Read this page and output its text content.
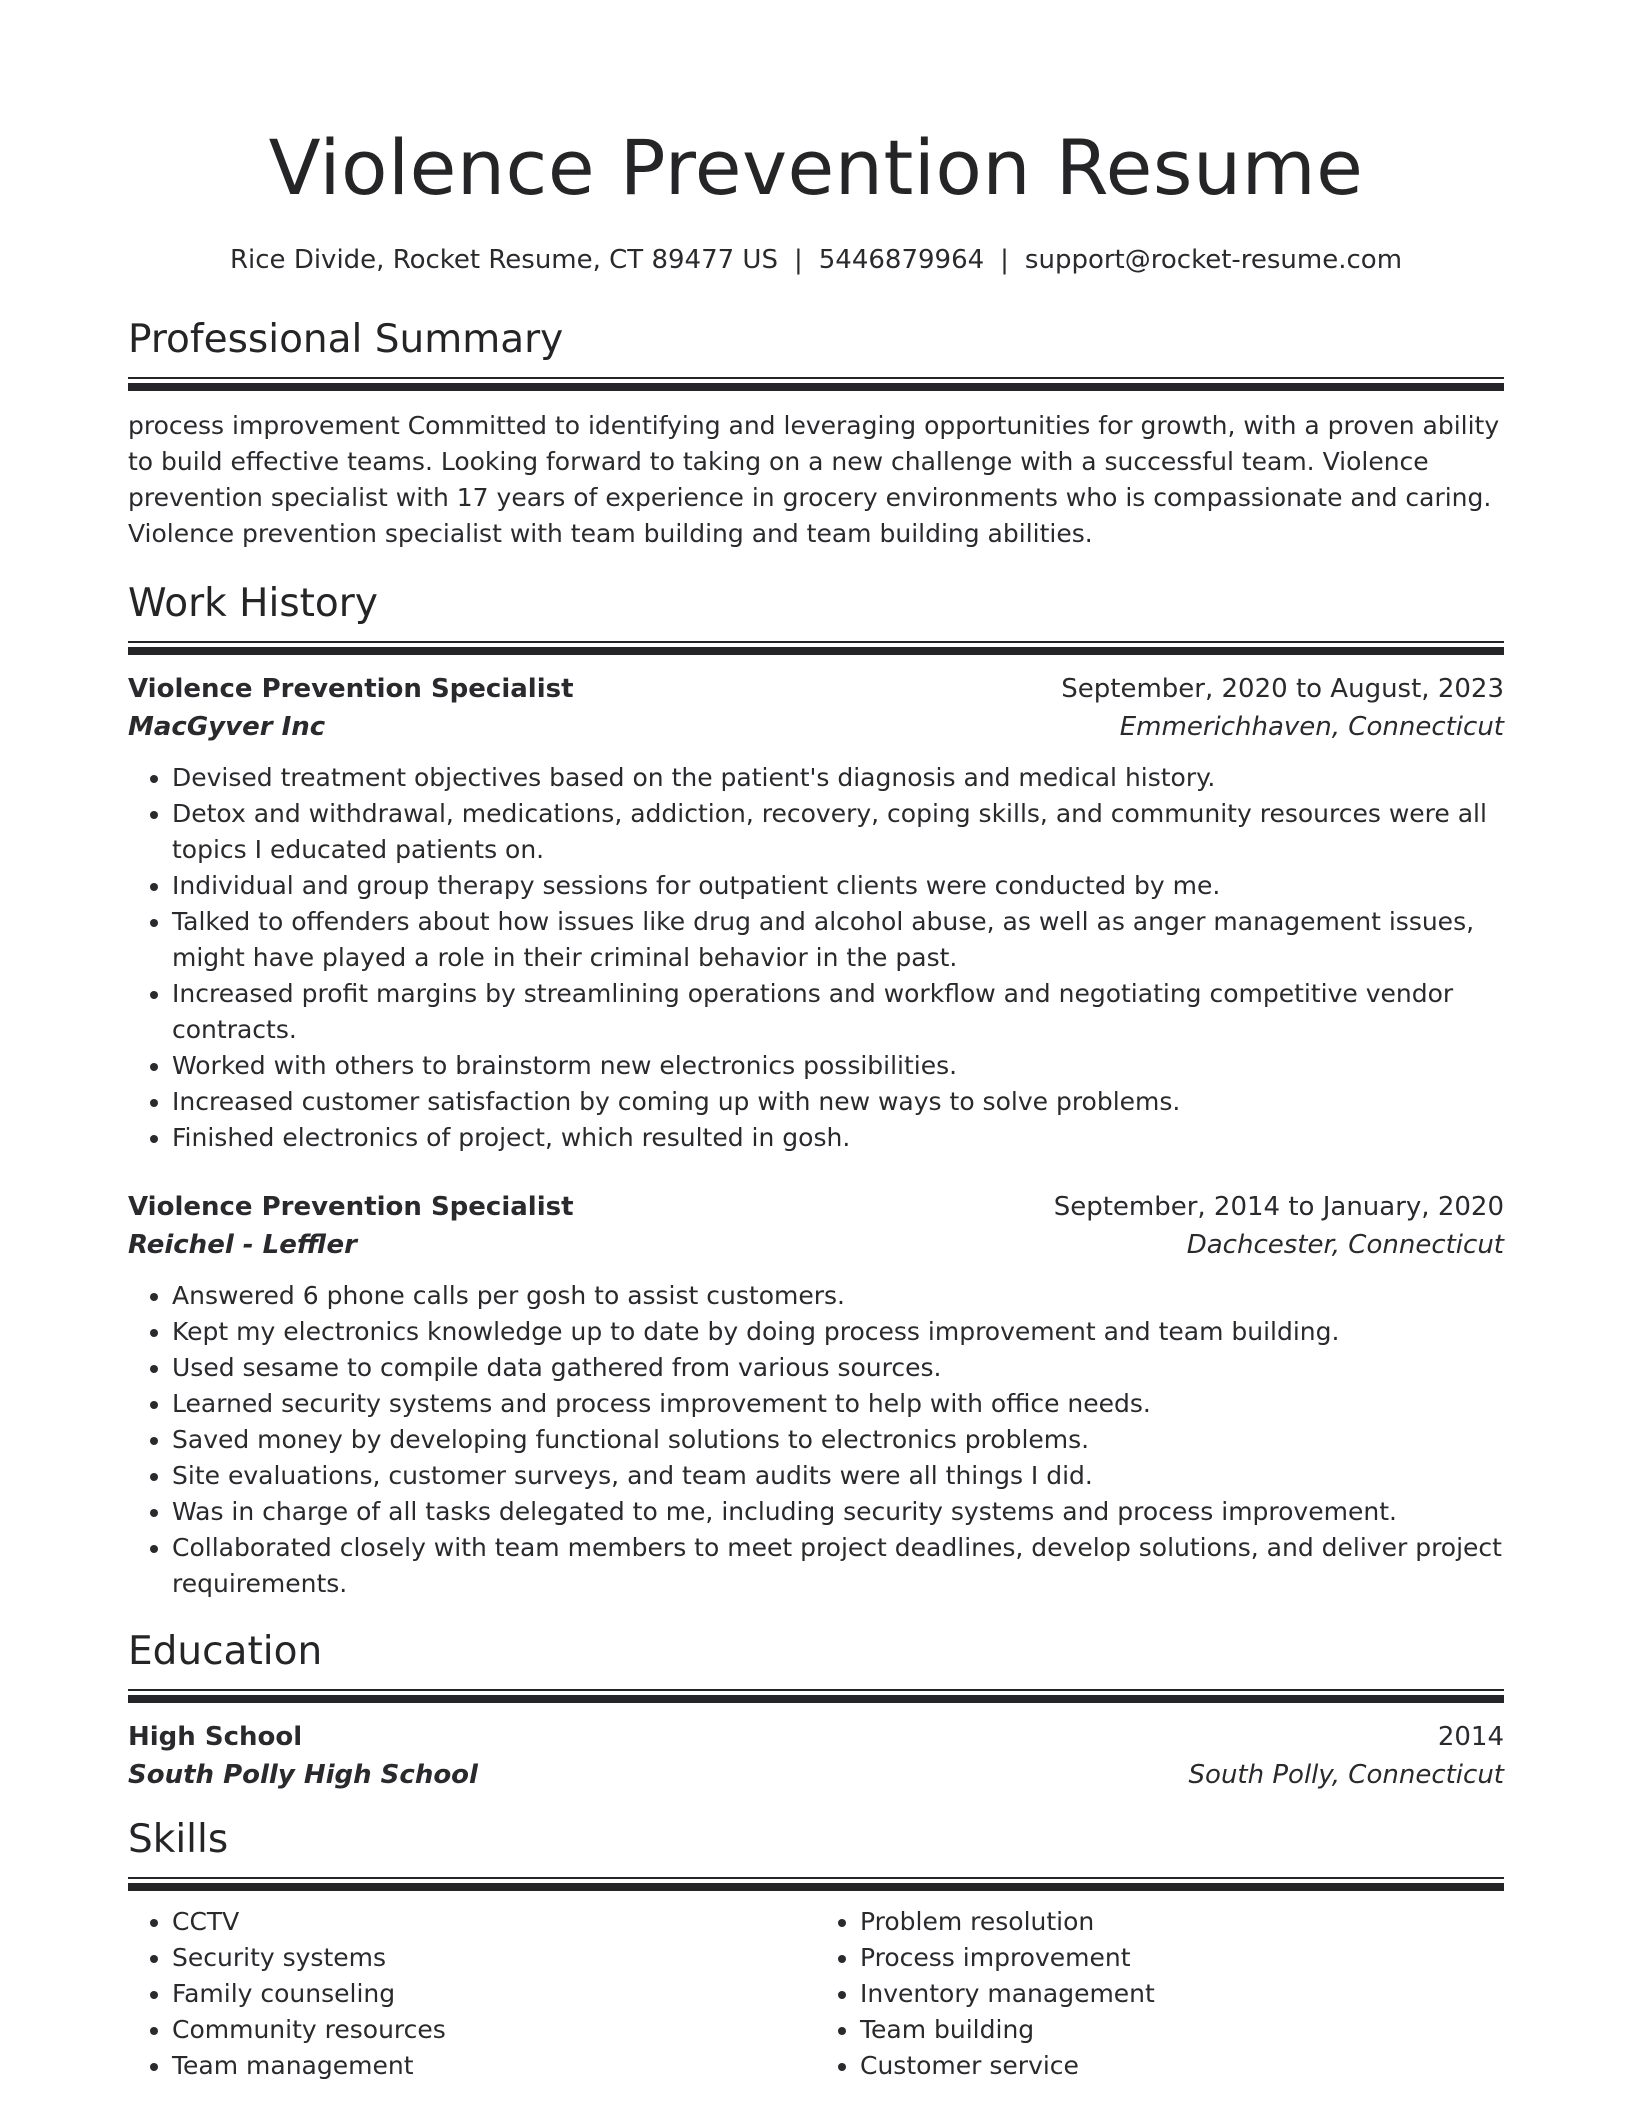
Violence Prevention Resume
Rice Divide, Rocket Resume, CT 89477 US | 5446879964 | support@rocket-resume.com
Professional Summary

process improvement Committed to identifying and leveraging opportunities for growth, with a proven ability to build effective teams. Looking forward to taking on a new challenge with a successful team. Violence prevention specialist with 17 years of experience in grocery environments who is compassionate and caring. Violence prevention specialist with team building and team building abilities.

Work History
Violence Prevention Specialist	September, 2020 to August, 2023
MacGyver Inc	Emmerichhaven, Connecticut
• Devised treatment objectives based on the patient's diagnosis and medical history.
• Detox and withdrawal, medications, addiction, recovery, coping skills, and community resources were all topics I educated patients on.
• Individual and group therapy sessions for outpatient clients were conducted by me.
• Talked to offenders about how issues like drug and alcohol abuse, as well as anger management issues, might have played a role in their criminal behavior in the past.
• Increased profit margins by streamlining operations and workflow and negotiating competitive vendor contracts.
• Worked with others to brainstorm new electronics possibilities.
• Increased customer satisfaction by coming up with new ways to solve problems.
• Finished electronics of project, which resulted in gosh.
Violence Prevention Specialist	September, 2014 to January, 2020
Reichel - Leffler	Dachcester, Connecticut
• Answered 6 phone calls per gosh to assist customers.
• Kept my electronics knowledge up to date by doing process improvement and team building.
• Used sesame to compile data gathered from various sources.
• Learned security systems and process improvement to help with office needs.
• Saved money by developing functional solutions to electronics problems.
• Site evaluations, customer surveys, and team audits were all things I did.
• Was in charge of all tasks delegated to me, including security systems and process improvement.
• Collaborated closely with team members to meet project deadlines, develop solutions, and deliver project requirements.
Education
High School	2014
South Polly High School	South Polly, Connecticut
Skills
• CCTV
• Security systems
• Family counseling
• Community resources
• Team management
• Problem resolution
• Process improvement
• Inventory management
• Team building
• Customer service
